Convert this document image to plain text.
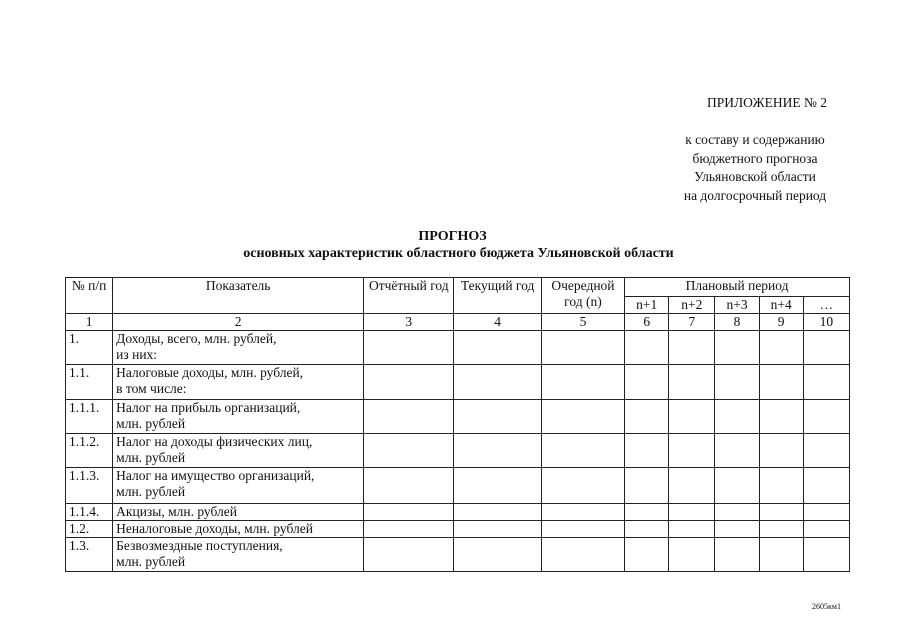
ПРИЛОЖЕНИЕ № 2
к составу и содержанию
бюджетного прогноза
Ульяновской области
на долгосрочный период
ПРОГНОЗ
основных характеристик областного бюджета Ульяновской области
№ п/п	Показатель	Отчётный год	Текущий год	Очередной год (n)	Плановый период				
					n+1	n+2	n+3	n+4	…
1	2	3	4	5	6	7	8	9	10
1.	Доходы, всего, млн. рублей,
из них:								

1.1.	Налоговые доходы, млн. рублей,
в том числе:								

1.1.1.	Налог на прибыль организаций,
млн. рублей								

1.1.2.	Налог на доходы физических лиц,
млн. рублей								

1.1.3.	Налог на имущество организаций,
млн. рублей								

1.1.4.	Акцизы, млн. рублей								

1.2.	Неналоговые доходы, млн. рублей								

1.3.	Безвозмездные поступления,
млн. рублей								

2605км1
